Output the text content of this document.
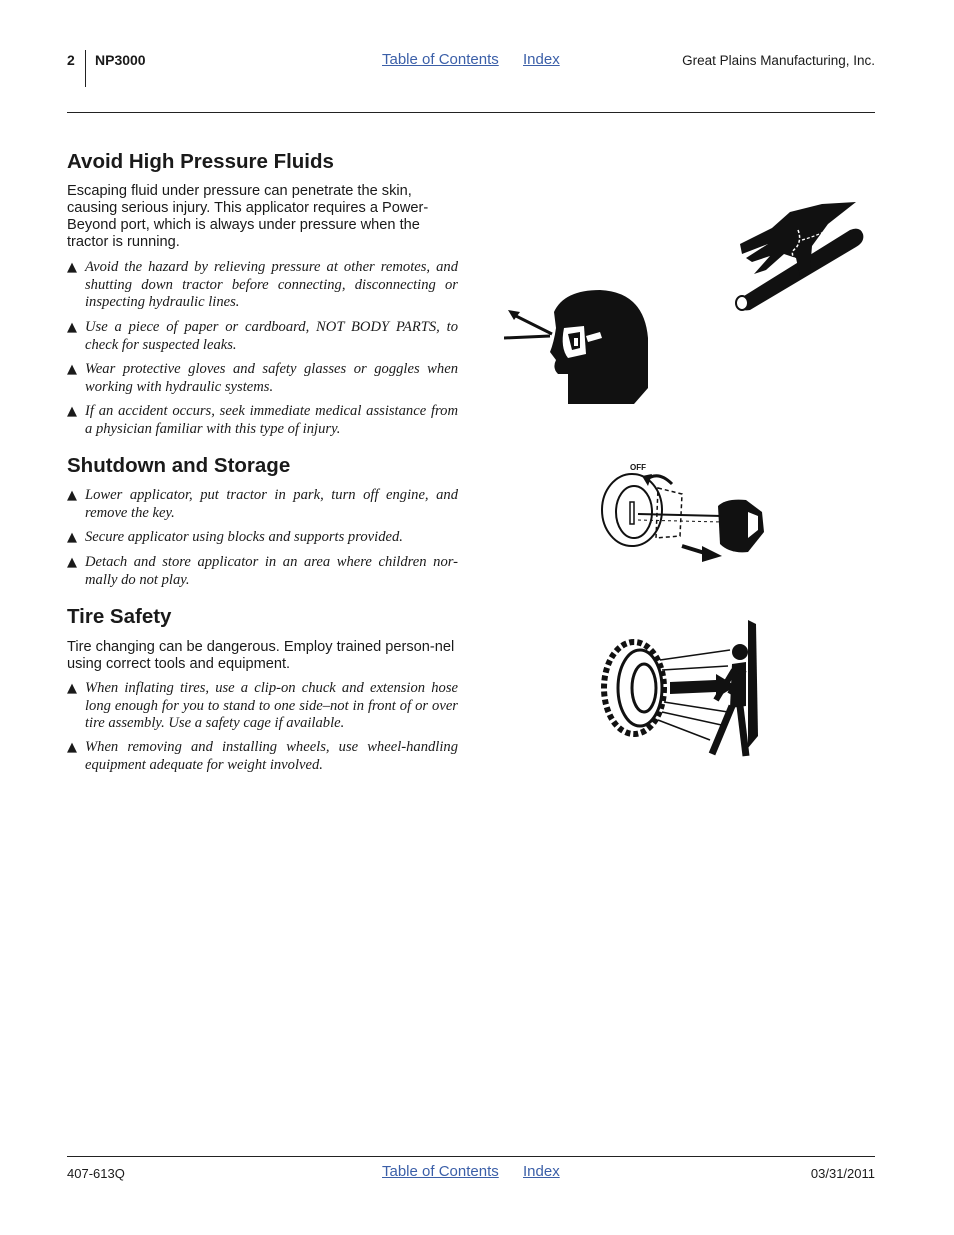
2 NP3000	Table of Contents Index	Great Plains Manufacturing, Inc.
Avoid High Pressure Fluids
Escaping fluid under pressure can penetrate the skin, causing serious injury. This applicator requires a Power-Beyond port, which is always under pressure when the tractor is running.
▲ Avoid the hazard by relieving pressure at other remotes, and shutting down tractor before connecting, disconnecting or inspecting hydraulic lines.
▲ Use a piece of paper or cardboard, NOT BODY PARTS, to check for suspected leaks.
▲ Wear protective gloves and safety glasses or goggles when working with hydraulic systems.
▲ If an accident occurs, seek immediate medical assistance from a physician familiar with this type of injury.
Shutdown and Storage
▲ Lower applicator, put tractor in park, turn off engine, and remove the key.
▲ Secure applicator using blocks and supports provided.
▲ Detach and store applicator in an area where children nor-mally do not play.
Tire Safety
Tire changing can be dangerous. Employ trained person-nel using correct tools and equipment.
▲ When inflating tires, use a clip-on chuck and extension hose long enough for you to stand to one side–not in front of or over tire assembly. Use a safety cage if available.
▲ When removing and installing wheels, use wheel-handling equipment adequate for weight involved.
OFF
407-613Q	Table of Contents Index	03/31/2011
